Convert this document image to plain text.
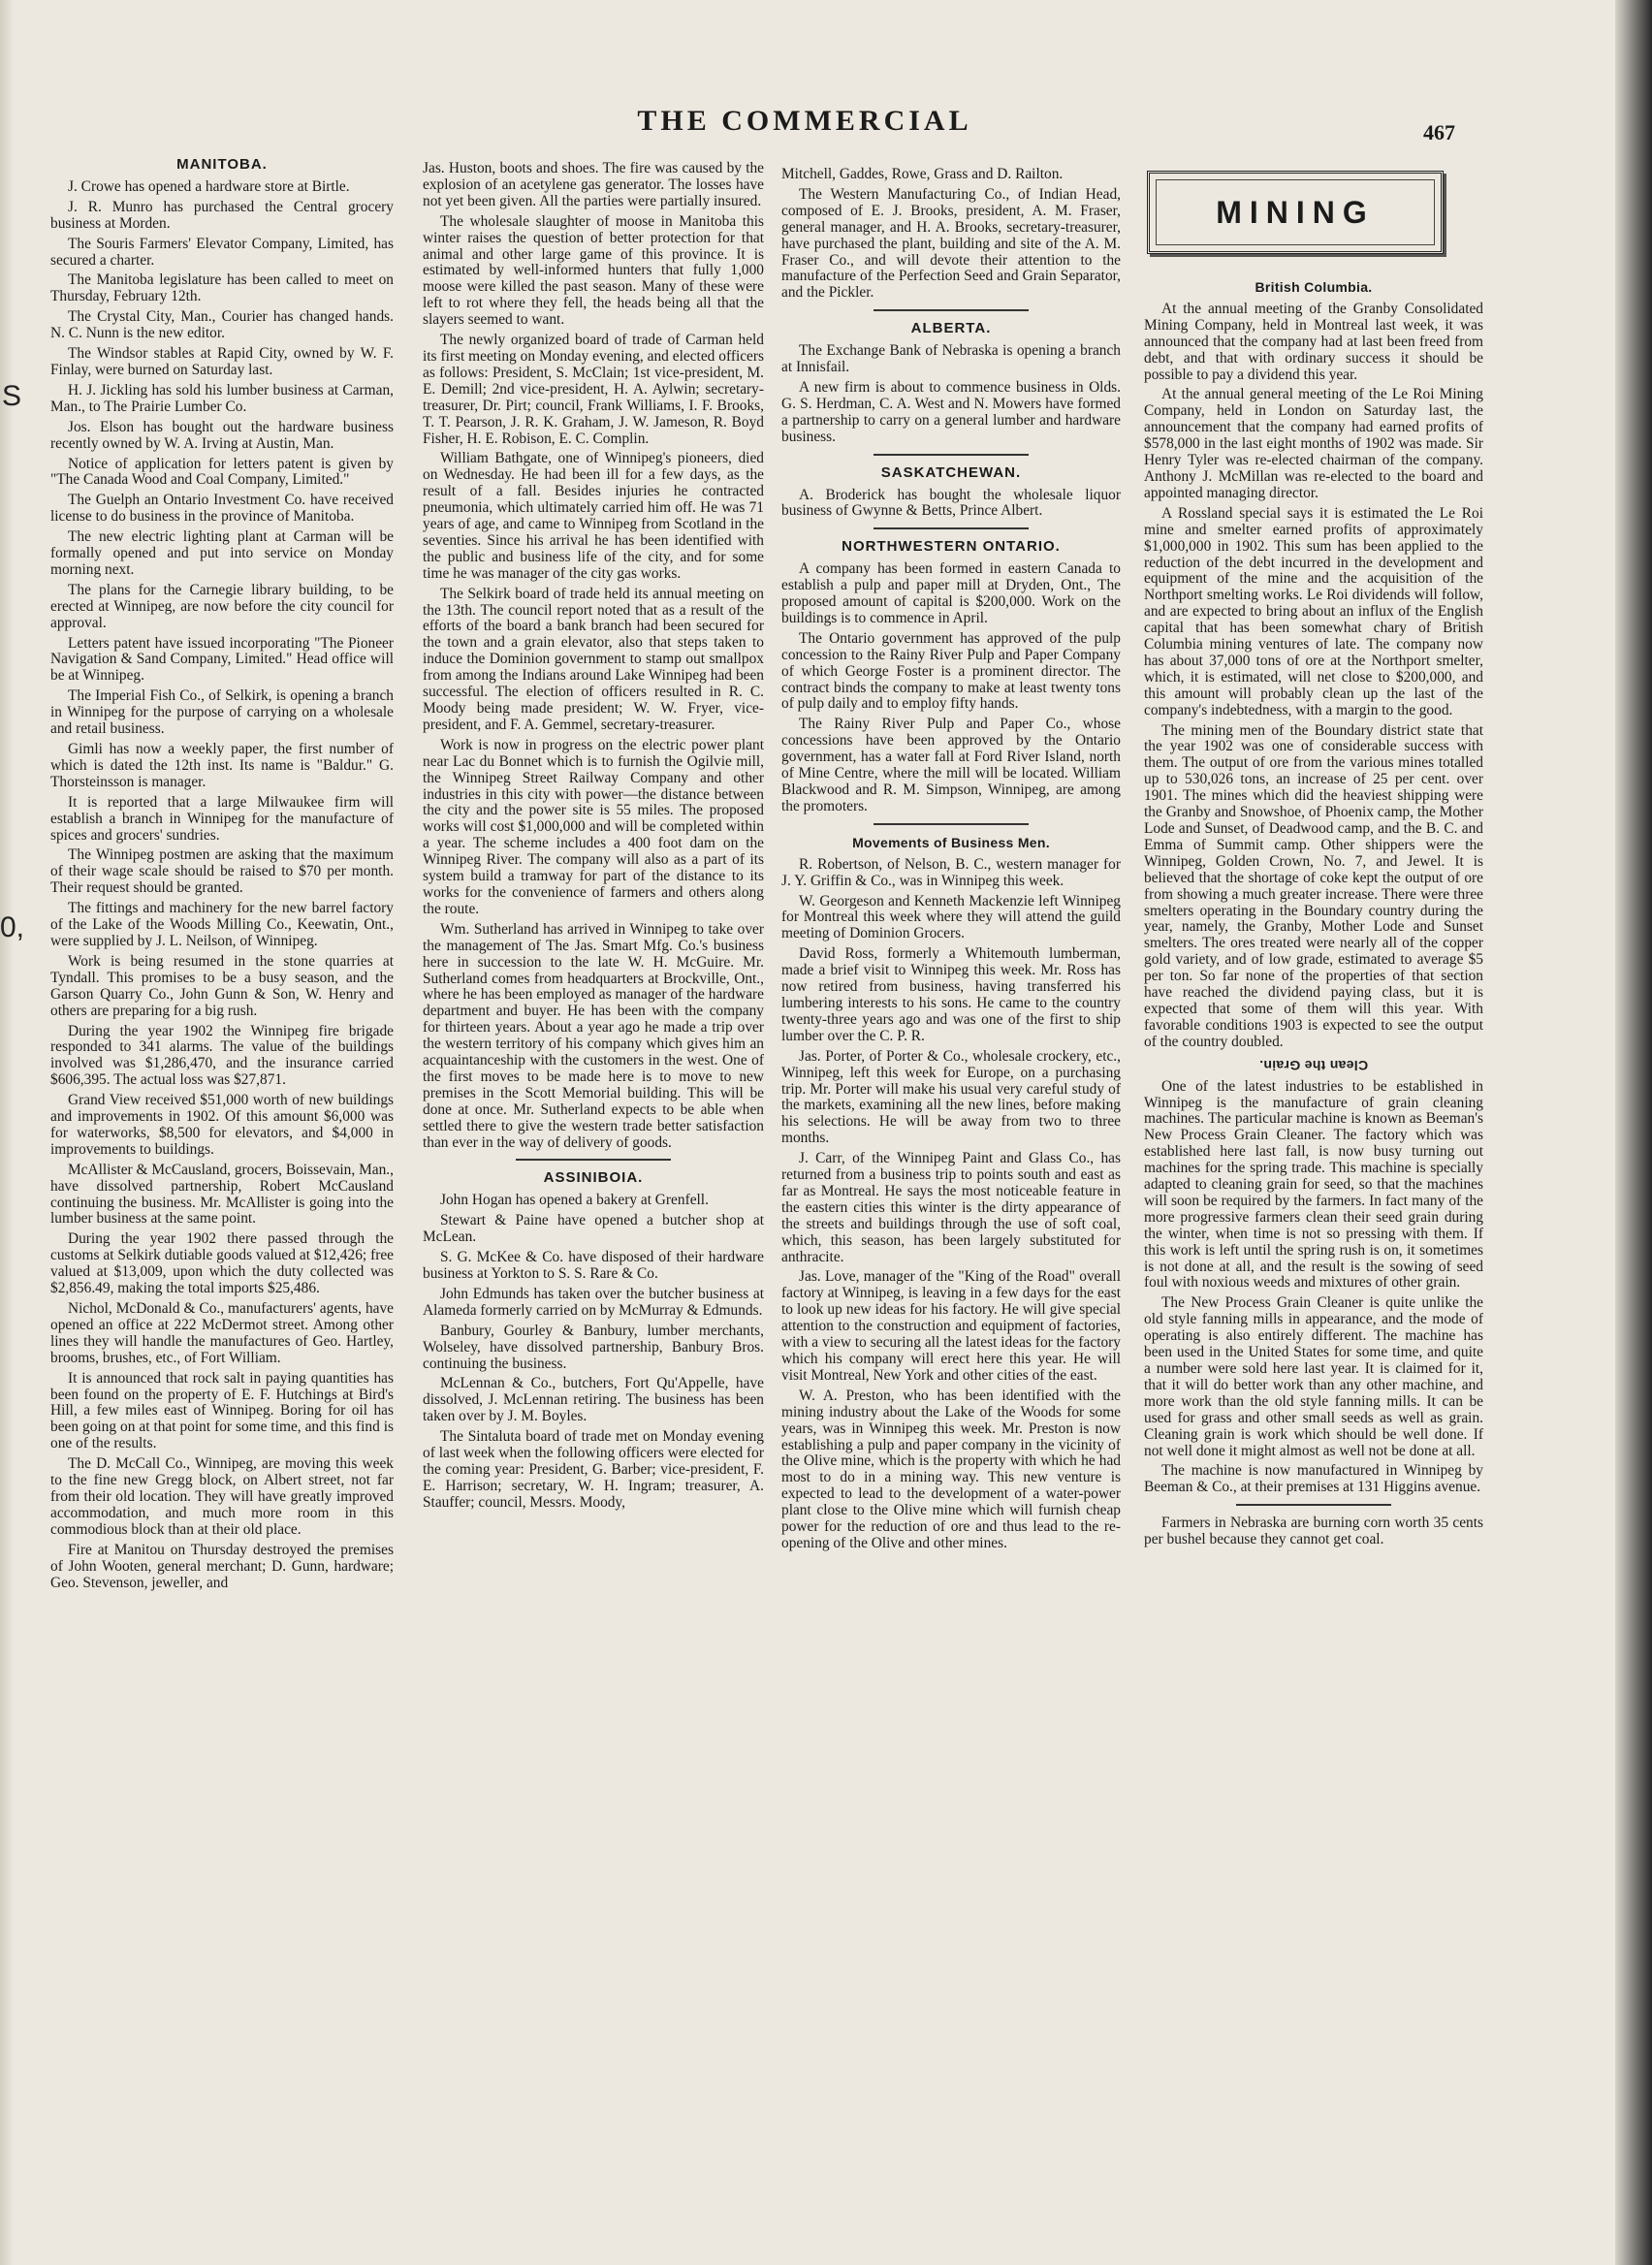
S
0,
THE COMMERCIAL	467
MINING
MANITOBA.

J. Crowe has opened a hardware store at Birtle.

J. R. Munro has purchased the Central grocery business at Morden.

The Souris Farmers' Elevator Company, Limited, has secured a charter.

The Manitoba legislature has been called to meet on Thursday, February 12th.

The Crystal City, Man., Courier has changed hands. N. C. Nunn is the new editor.

The Windsor stables at Rapid City, owned by W. F. Finlay, were burned on Saturday last.

H. J. Jickling has sold his lumber business at Carman, Man., to The Prairie Lumber Co.

Jos. Elson has bought out the hardware business recently owned by W. A. Irving at Austin, Man.

Notice of application for letters patent is given by "The Canada Wood and Coal Company, Limited."

The Guelph an Ontario Investment Co. have received license to do business in the province of Manitoba.

The new electric lighting plant at Carman will be formally opened and put into service on Monday morning next.

The plans for the Carnegie library building, to be erected at Winnipeg, are now before the city council for approval.

Letters patent have issued incorporating "The Pioneer Navigation & Sand Company, Limited." Head office will be at Winnipeg.

The Imperial Fish Co., of Selkirk, is opening a branch in Winnipeg for the purpose of carrying on a wholesale and retail business.

Gimli has now a weekly paper, the first number of which is dated the 12th inst. Its name is "Baldur." G. Thorsteinsson is manager.

It is reported that a large Milwaukee firm will establish a branch in Winnipeg for the manufacture of spices and grocers' sundries.

The Winnipeg postmen are asking that the maximum of their wage scale should be raised to $70 per month. Their request should be granted.

The fittings and machinery for the new barrel factory of the Lake of the Woods Milling Co., Keewatin, Ont., were supplied by J. L. Neilson, of Winnipeg.

Work is being resumed in the stone quarries at Tyndall. This promises to be a busy season, and the Garson Quarry Co., John Gunn & Son, W. Henry and others are preparing for a big rush.

During the year 1902 the Winnipeg fire brigade responded to 341 alarms. The value of the buildings involved was $1,286,470, and the insurance carried $606,395. The actual loss was $27,871.

Grand View received $51,000 worth of new buildings and improvements in 1902. Of this amount $6,000 was for waterworks, $8,500 for elevators, and $4,000 in improvements to buildings.

McAllister & McCausland, grocers, Boissevain, Man., have dissolved partnership, Robert McCausland continuing the business. Mr. McAllister is going into the lumber business at the same point.

During the year 1902 there passed through the customs at Selkirk dutiable goods valued at $12,426; free valued at $13,009, upon which the duty collected was $2,856.49, making the total imports $25,486.

Nichol, McDonald & Co., manufacturers' agents, have opened an office at 222 McDermot street. Among other lines they will handle the manufactures of Geo. Hartley, brooms, brushes, etc., of Fort William.

It is announced that rock salt in paying quantities has been found on the property of E. F. Hutchings at Bird's Hill, a few miles east of Winnipeg. Boring for oil has been going on at that point for some time, and this find is one of the results.

The D. McCall Co., Winnipeg, are moving this week to the fine new Gregg block, on Albert street, not far from their old location. They will have greatly improved accommodation, and much more room in this commodious block than at their old place.

Fire at Manitou on Thursday destroyed the premises of John Wooten, general merchant; D. Gunn, hardware; Geo. Stevenson, jeweller, and

Jas. Huston, boots and shoes. The fire was caused by the explosion of an acetylene gas generator. The losses have not yet been given. All the parties were partially insured.

The wholesale slaughter of moose in Manitoba this winter raises the question of better protection for that animal and other large game of this province. It is estimated by well-informed hunters that fully 1,000 moose were killed the past season. Many of these were left to rot where they fell, the heads being all that the slayers seemed to want.

The newly organized board of trade of Carman held its first meeting on Monday evening, and elected officers as follows: President, S. McClain; 1st vice-president, M. E. Demill; 2nd vice-president, H. A. Aylwin; secretary-treasurer, Dr. Pirt; council, Frank Williams, I. F. Brooks, T. T. Pearson, J. R. K. Graham, J. W. Jameson, R. Boyd Fisher, H. E. Robison, E. C. Complin.

William Bathgate, one of Winnipeg's pioneers, died on Wednesday. He had been ill for a few days, as the result of a fall. Besides injuries he contracted pneumonia, which ultimately carried him off. He was 71 years of age, and came to Winnipeg from Scotland in the seventies. Since his arrival he has been identified with the public and business life of the city, and for some time he was manager of the city gas works.

The Selkirk board of trade held its annual meeting on the 13th. The council report noted that as a result of the efforts of the board a bank branch had been secured for the town and a grain elevator, also that steps taken to induce the Dominion government to stamp out smallpox from among the Indians around Lake Winnipeg had been successful. The election of officers resulted in R. C. Moody being made president; W. W. Fryer, vice-president, and F. A. Gemmel, secretary-treasurer.

Work is now in progress on the electric power plant near Lac du Bonnet which is to furnish the Ogilvie mill, the Winnipeg Street Railway Company and other industries in this city with power—the distance between the city and the power site is 55 miles. The proposed works will cost $1,000,000 and will be completed within a year. The scheme includes a 400 foot dam on the Winnipeg River. The company will also as a part of its system build a tramway for part of the distance to its works for the convenience of farmers and others along the route.

Wm. Sutherland has arrived in Winnipeg to take over the management of The Jas. Smart Mfg. Co.'s business here in succession to the late W. H. McGuire. Mr. Sutherland comes from headquarters at Brockville, Ont., where he has been employed as manager of the hardware department and buyer. He has been with the company for thirteen years. About a year ago he made a trip over the western territory of his company which gives him an acquaintanceship with the customers in the west. One of the first moves to be made here is to move to new premises in the Scott Memorial building. This will be done at once. Mr. Sutherland expects to be able when settled there to give the western trade better satisfaction than ever in the way of delivery of goods.

ASSINIBOIA.

John Hogan has opened a bakery at Grenfell.

Stewart & Paine have opened a butcher shop at McLean.

S. G. McKee & Co. have disposed of their hardware business at Yorkton to S. S. Rare & Co.

John Edmunds has taken over the butcher business at Alameda formerly carried on by McMurray & Edmunds.

Banbury, Gourley & Banbury, lumber merchants, Wolseley, have dissolved partnership, Banbury Bros. continuing the business.

McLennan & Co., butchers, Fort Qu'Appelle, have dissolved, J. McLennan retiring. The business has been taken over by J. M. Boyles.

The Sintaluta board of trade met on Monday evening of last week when the following officers were elected for the coming year: President, G. Barber; vice-president, F. E. Harrison; secretary, W. H. Ingram; treasurer, A. Stauffer; council, Messrs. Moody,

Mitchell, Gaddes, Rowe, Grass and D. Railton.

The Western Manufacturing Co., of Indian Head, composed of E. J. Brooks, president, A. M. Fraser, general manager, and H. A. Brooks, secretary-treasurer, have purchased the plant, building and site of the A. M. Fraser Co., and will devote their attention to the manufacture of the Perfection Seed and Grain Separator, and the Pickler.

ALBERTA.

The Exchange Bank of Nebraska is opening a branch at Innisfail.

A new firm is about to commence business in Olds. G. S. Herdman, C. A. West and N. Mowers have formed a partnership to carry on a general lumber and hardware business.

SASKATCHEWAN.

A. Broderick has bought the wholesale liquor business of Gwynne & Betts, Prince Albert.

NORTHWESTERN ONTARIO.

A company has been formed in eastern Canada to establish a pulp and paper mill at Dryden, Ont., The proposed amount of capital is $200,000. Work on the buildings is to commence in April.

The Ontario government has approved of the pulp concession to the Rainy River Pulp and Paper Company of which George Foster is a prominent director. The contract binds the company to make at least twenty tons of pulp daily and to employ fifty hands.

The Rainy River Pulp and Paper Co., whose concessions have been approved by the Ontario government, has a water fall at Ford River Island, north of Mine Centre, where the mill will be located. William Blackwood and R. M. Simpson, Winnipeg, are among the promoters.

Movements of Business Men.

R. Robertson, of Nelson, B. C., western manager for J. Y. Griffin & Co., was in Winnipeg this week.

W. Georgeson and Kenneth Mackenzie left Winnipeg for Montreal this week where they will attend the guild meeting of Dominion Grocers.

David Ross, formerly a Whitemouth lumberman, made a brief visit to Winnipeg this week. Mr. Ross has now retired from business, having transferred his lumbering interests to his sons. He came to the country twenty-three years ago and was one of the first to ship lumber over the C. P. R.

Jas. Porter, of Porter & Co., wholesale crockery, etc., Winnipeg, left this week for Europe, on a purchasing trip. Mr. Porter will make his usual very careful study of the markets, examining all the new lines, before making his selections. He will be away from two to three months.

J. Carr, of the Winnipeg Paint and Glass Co., has returned from a business trip to points south and east as far as Montreal. He says the most noticeable feature in the eastern cities this winter is the dirty appearance of the streets and buildings through the use of soft coal, which, this season, has been largely substituted for anthracite.

Jas. Love, manager of the "King of the Road" overall factory at Winnipeg, is leaving in a few days for the east to look up new ideas for his factory. He will give special attention to the construction and equipment of factories, with a view to securing all the latest ideas for the factory which his company will erect here this year. He will visit Montreal, New York and other cities of the east.

W. A. Preston, who has been identified with the mining industry about the Lake of the Woods for some years, was in Winnipeg this week. Mr. Preston is now establishing a pulp and paper company in the vicinity of the Olive mine, which is the property with which he had most to do in a mining way. This new venture is expected to lead to the development of a water-power plant close to the Olive mine which will furnish cheap power for the reduction of ore and thus lead to the re-opening of the Olive and other mines.

British Columbia.

At the annual meeting of the Granby Consolidated Mining Company, held in Montreal last week, it was announced that the company had at last been freed from debt, and that with ordinary success it should be possible to pay a dividend this year.

At the annual general meeting of the Le Roi Mining Company, held in London on Saturday last, the announcement that the company had earned profits of $578,000 in the last eight months of 1902 was made. Sir Henry Tyler was re-elected chairman of the company. Anthony J. McMillan was re-elected to the board and appointed managing director.

A Rossland special says it is estimated the Le Roi mine and smelter earned profits of approximately $1,000,000 in 1902. This sum has been applied to the reduction of the debt incurred in the development and equipment of the mine and the acquisition of the Northport smelting works. Le Roi dividends will follow, and are expected to bring about an influx of the English capital that has been somewhat chary of British Columbia mining ventures of late. The company now has about 37,000 tons of ore at the Northport smelter, which, it is estimated, will net close to $200,000, and this amount will probably clean up the last of the company's indebtedness, with a margin to the good.

The mining men of the Boundary district state that the year 1902 was one of considerable success with them. The output of ore from the various mines totalled up to 530,026 tons, an increase of 25 per cent. over 1901. The mines which did the heaviest shipping were the Granby and Snowshoe, of Phoenix camp, the Mother Lode and Sunset, of Deadwood camp, and the B. C. and Emma of Summit camp. Other shippers were the Winnipeg, Golden Crown, No. 7, and Jewel. It is believed that the shortage of coke kept the output of ore from showing a much greater increase. There were three smelters operating in the Boundary country during the year, namely, the Granby, Mother Lode and Sunset smelters. The ores treated were nearly all of the copper gold variety, and of low grade, estimated to average $5 per ton. So far none of the properties of that section have reached the dividend paying class, but it is expected that some of them will this year. With favorable conditions 1903 is expected to see the output of the country doubled.

Clean the Grain.

One of the latest industries to be established in Winnipeg is the manufacture of grain cleaning machines. The particular machine is known as Beeman's New Process Grain Cleaner. The factory which was established here last fall, is now busy turning out machines for the spring trade. This machine is specially adapted to cleaning grain for seed, so that the machines will soon be required by the farmers. In fact many of the more progressive farmers clean their seed grain during the winter, when time is not so pressing with them. If this work is left until the spring rush is on, it sometimes is not done at all, and the result is the sowing of seed foul with noxious weeds and mixtures of other grain.

The New Process Grain Cleaner is quite unlike the old style fanning mills in appearance, and the mode of operating is also entirely different. The machine has been used in the United States for some time, and quite a number were sold here last year. It is claimed for it, that it will do better work than any other machine, and more work than the old style fanning mills. It can be used for grass and other small seeds as well as grain. Cleaning grain is work which should be well done. If not well done it might almost as well not be done at all.

The machine is now manufactured in Winnipeg by Beeman & Co., at their premises at 131 Higgins avenue.

Farmers in Nebraska are burning corn worth 35 cents per bushel because they cannot get coal.
